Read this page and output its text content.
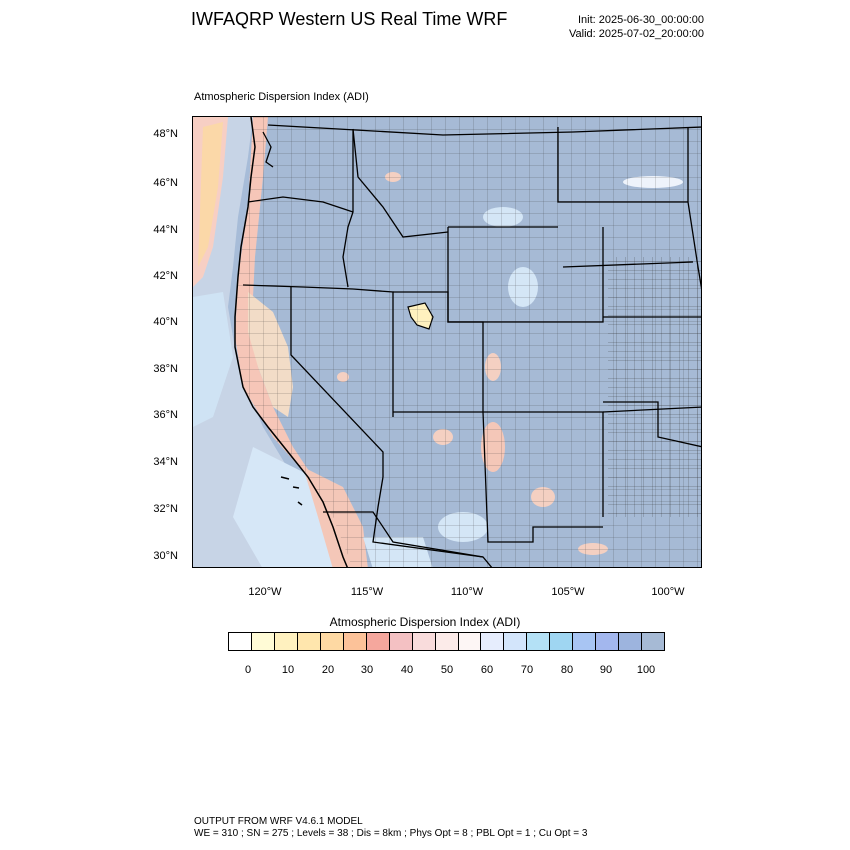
IWFAQRP Western US Real Time WRF	Init: 2025-06-30_00:00:00
Valid: 2025-07-02_20:00:00
Atmospheric Dispersion Index (ADI)
48°N
46°N
44°N
42°N
40°N
38°N
36°N
34°N
32°N
30°N
120°W	115°W	110°W	105°W	100°W
Atmospheric Dispersion Index (ADI)
0	10	20 30	40	50	60	70	80 90 100
OUTPUT FROM WRF V4.6.1 MODEL
WE = 310 ; SN = 275 ; Levels = 38 ; Dis = 8km ; Phys Opt = 8 ; PBL Opt = 1 ; Cu Opt = 3
